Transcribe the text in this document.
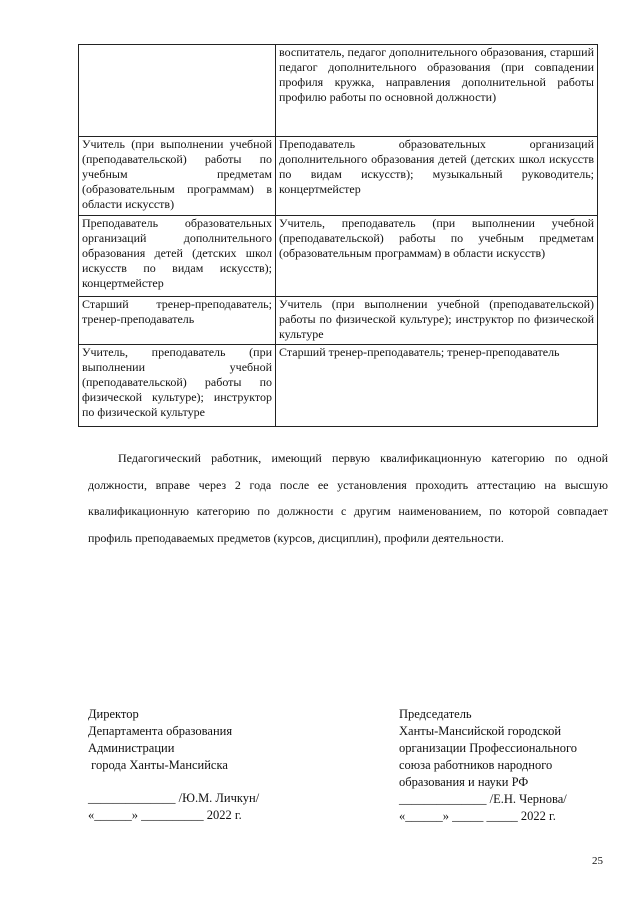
	воспитатель, педагог дополнительного образования, старший педагог дополнительного образования (при совпадении профиля кружка, направления дополнительной работы профилю работы по основной должности)
Учитель (при выполнении учебной (преподавательской) работы по учебным предметам (образовательным программам) в области искусств)	Преподаватель образовательных организаций дополнительного образования детей (детских школ искусств по видам искусств); музыкальный руководитель; концертмейстер
Преподаватель образовательных организаций дополнительного образования детей (детских школ искусств по видам искусств); концертмейстер	Учитель, преподаватель (при выполнении учебной (преподавательской) работы по учебным предметам (образовательным программам) в области искусств)
Старший тренер-преподаватель; тренер-преподаватель	Учитель (при выполнении учебной (преподавательской) работы по физической культуре); инструктор по физической культуре
Учитель, преподаватель (при выполнении учебной (преподавательской) работы по физической культуре); инструктор по физической культуре	Старший тренер-преподаватель; тренер-преподаватель

Педагогический работник, имеющий первую квалификационную категорию по одной должности, вправе через 2 года после ее установления проходить аттестацию на высшую квалификационную категорию по должности с другим наименованием, по которой совпадает профиль преподаваемых предметов (курсов, дисциплин), профили деятельности.

Директор
Департамента образования
Администрации
города Ханты-Мансийска
______________ /Ю.М. Личкун/
«______» __________ 2022 г.
Председатель
Ханты-Мансийской городской
организации Профессионального
союза работников народного
образования и науки РФ
______________ /Е.Н. Чернова/
«______» _____ _____ 2022 г.
25
